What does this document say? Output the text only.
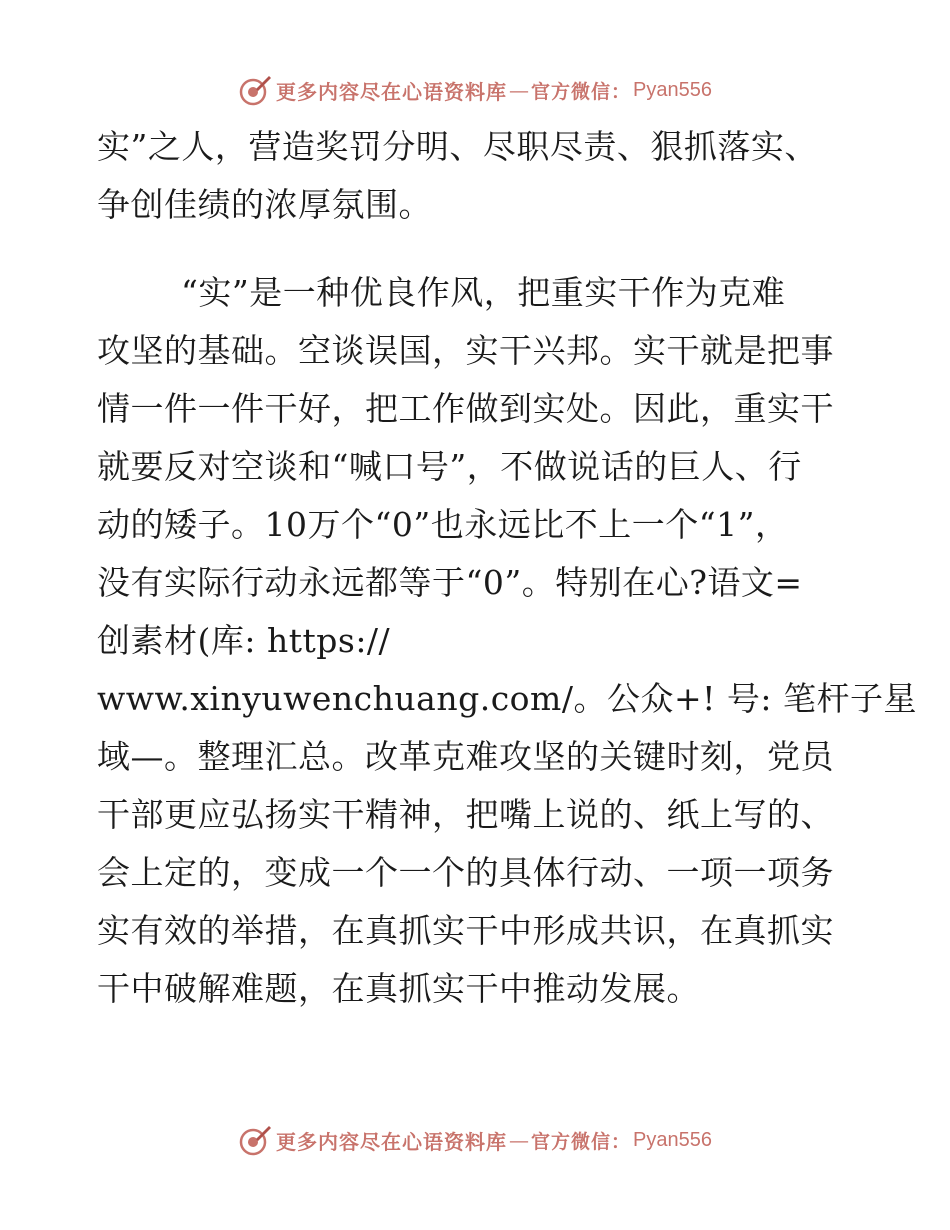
更多内容尽在心语资料库 — 官方微信： Pyan556
实”之人，营造奖罚分明、尽职尽责、狠抓落实、
争创佳绩的浓厚氛围。
“实”是一种优良作风，把重实干作为克难
攻坚的基础。空谈误国，实干兴邦。实干就是把事
情一件一件干好，把工作做到实处。因此，重实干
就要反对空谈和“喊口号”，不做说话的巨人、行
动的矮子。10万个“0”也永远比不上一个“1”，
没有实际行动永远都等于“0”。特别在心?语文=
创素材(库: https://
www.xinyuwenchuang.com/。公众+! 号: 笔杆子星
域—。整理汇总。改革克难攻坚的关键时刻，党员
干部更应弘扬实干精神，把嘴上说的、纸上写的、
会上定的，变成一个一个的具体行动、一项一项务
实有效的举措，在真抓实干中形成共识，在真抓实
干中破解难题，在真抓实干中推动发展。
更多内容尽在心语资料库 — 官方微信： Pyan556
